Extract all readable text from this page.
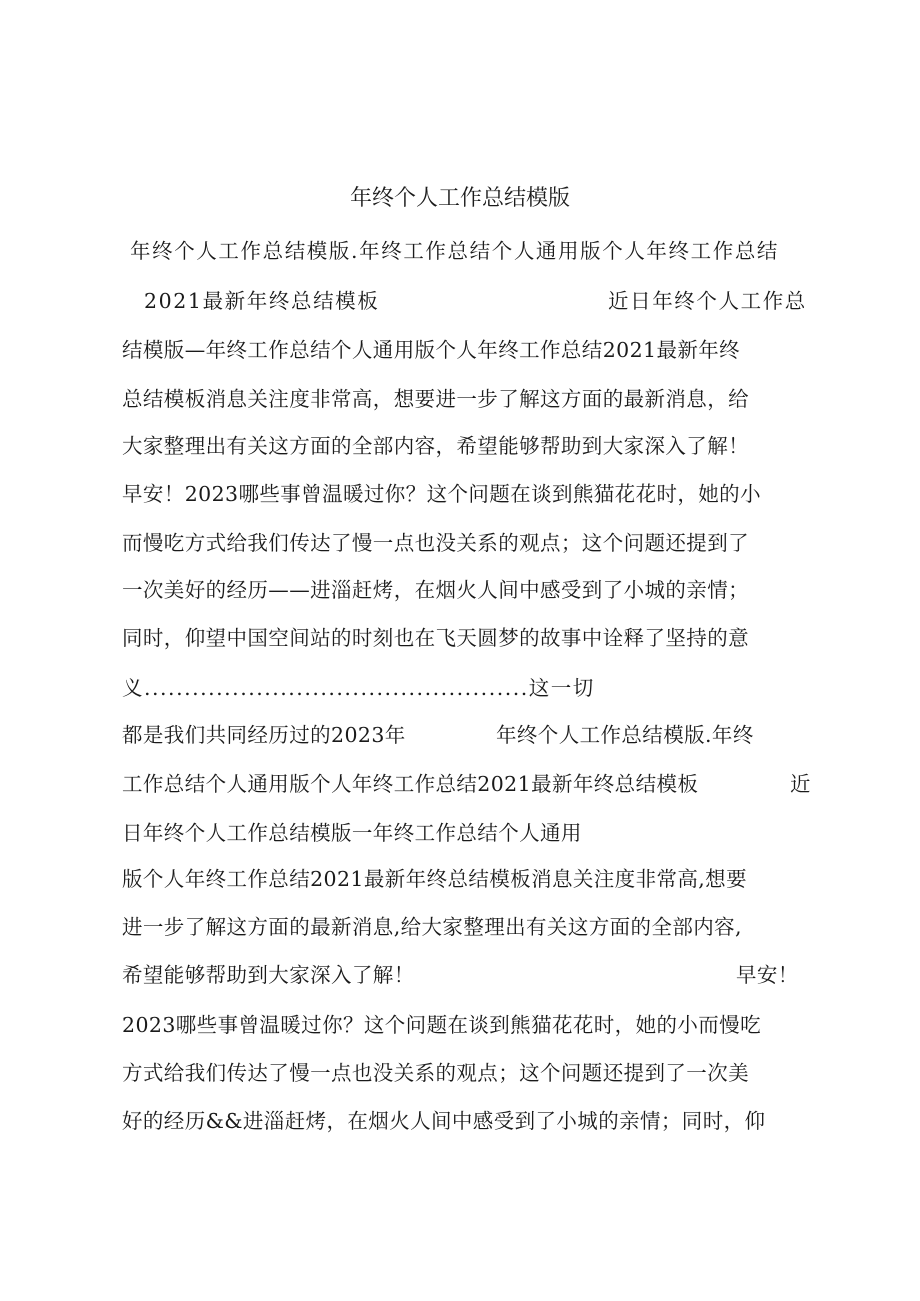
年终个人工作总结模版
年终个人工作总结模版.年终工作总结个人通用版个人年终工作总结
2021最新年终总结模板	近日年终个人工作总
结模版—年终工作总结个人通用版个人年终工作总结2021最新年终
总结模板消息关注度非常高，想要进一步了解这方面的最新消息，给
大家整理出有关这方面的全部内容，希望能够帮助到大家深入了解！
早安！2023哪些事曾温暖过你？这个问题在谈到熊猫花花时，她的小
而慢吃方式给我们传达了慢一点也没关系的观点；这个问题还提到了
一次美好的经历——进淄赶烤，在烟火人间中感受到了小城的亲情；
同时，仰望中国空间站的时刻也在飞天圆梦的故事中诠释了坚持的意
义................................................这一切
都是我们共同经历过的2023年	年终个人工作总结模版.年终
工作总结个人通用版个人年终工作总结2021最新年终总结模板	近
日年终个人工作总结模版一年终工作总结个人通用
版个人年终工作总结2021最新年终总结模板消息关注度非常高,想要
进一步了解这方面的最新消息,给大家整理出有关这方面的全部内容,
希望能够帮助到大家深入了解！	早安！
2023哪些事曾温暖过你？这个问题在谈到熊猫花花时，她的小而慢吃
方式给我们传达了慢一点也没关系的观点；这个问题还提到了一次美
好的经历&&进淄赶烤，在烟火人间中感受到了小城的亲情；同时，仰
